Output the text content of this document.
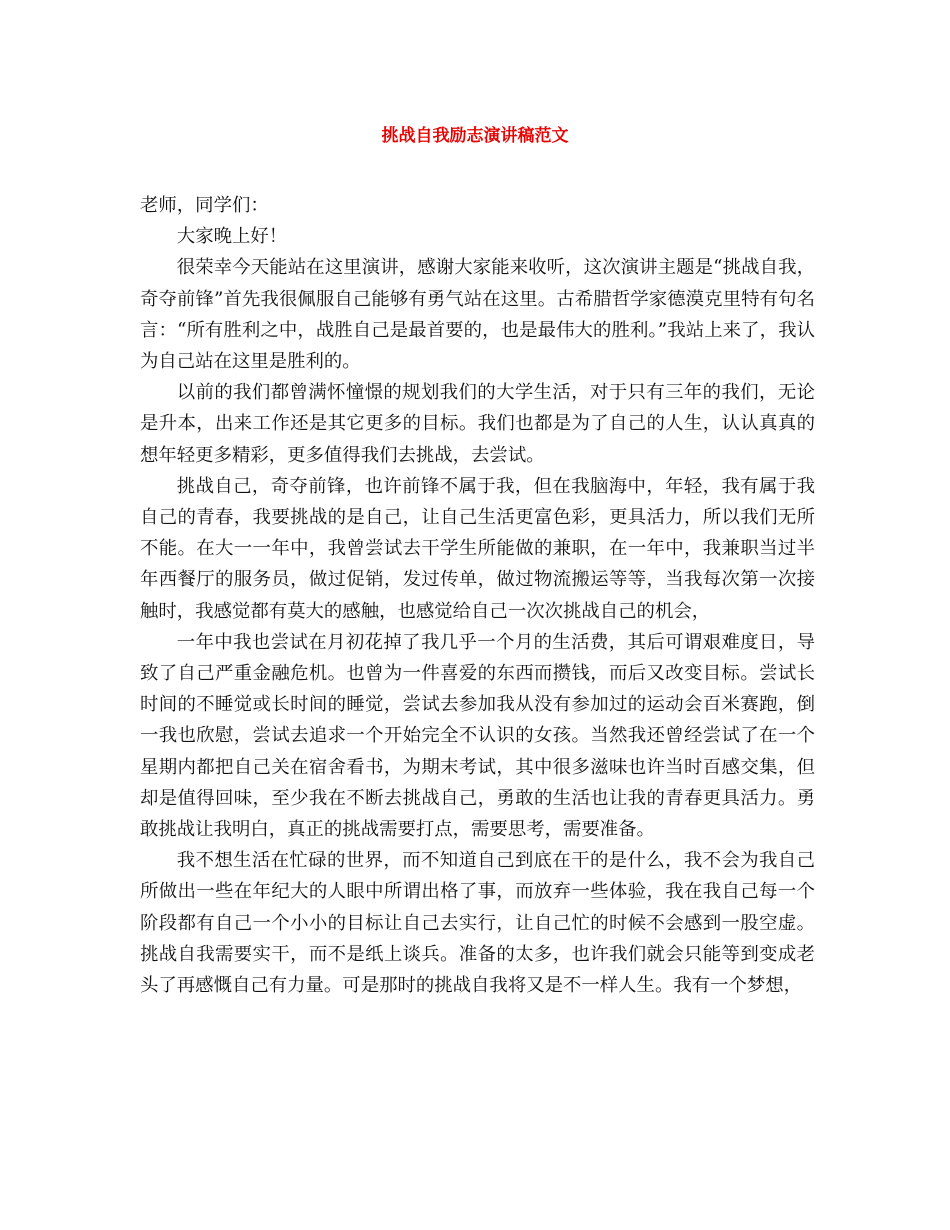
挑战自我励志演讲稿范文

老师，同学们：

大家晚上好！

很荣幸今天能站在这里演讲，感谢大家能来收听，这次演讲主题是“挑战自我，奇夺前锋”首先我很佩服自己能够有勇气站在这里。古希腊哲学家德漠克里特有句名言：“所有胜利之中，战胜自己是最首要的，也是最伟大的胜利。”我站上来了，我认为自己站在这里是胜利的。

以前的我们都曾满怀憧憬的规划我们的大学生活，对于只有三年的我们，无论是升本，出来工作还是其它更多的目标。我们也都是为了自己的人生，认认真真的想年轻更多精彩，更多值得我们去挑战，去尝试。

挑战自己，奇夺前锋，也许前锋不属于我，但在我脑海中，年轻，我有属于我自己的青春，我要挑战的是自己，让自己生活更富色彩，更具活力，所以我们无所不能。在大一一年中，我曾尝试去干学生所能做的兼职，在一年中，我兼职当过半年西餐厅的服务员，做过促销，发过传单，做过物流搬运等等，当我每次第一次接触时，我感觉都有莫大的感触，也感觉给自己一次次挑战自己的机会，

一年中我也尝试在月初花掉了我几乎一个月的生活费，其后可谓艰难度日，导致了自己严重金融危机。也曾为一件喜爱的东西而攒钱，而后又改变目标。尝试长时间的不睡觉或长时间的睡觉，尝试去参加我从没有参加过的运动会百米赛跑，倒一我也欣慰，尝试去追求一个开始完全不认识的女孩。当然我还曾经尝试了在一个星期内都把自己关在宿舍看书，为期末考试，其中很多滋味也许当时百感交集，但却是值得回味，至少我在不断去挑战自己，勇敢的生活也让我的青春更具活力。勇敢挑战让我明白，真正的挑战需要打点，需要思考，需要准备。

我不想生活在忙碌的世界，而不知道自己到底在干的是什么，我不会为我自己所做出一些在年纪大的人眼中所谓出格了事，而放弃一些体验，我在我自己每一个阶段都有自己一个小小的目标让自己去实行，让自己忙的时候不会感到一股空虚。挑战自我需要实干，而不是纸上谈兵。准备的太多，也许我们就会只能等到变成老头了再感慨自己有力量。可是那时的挑战自我将又是不一样人生。我有一个梦想，
